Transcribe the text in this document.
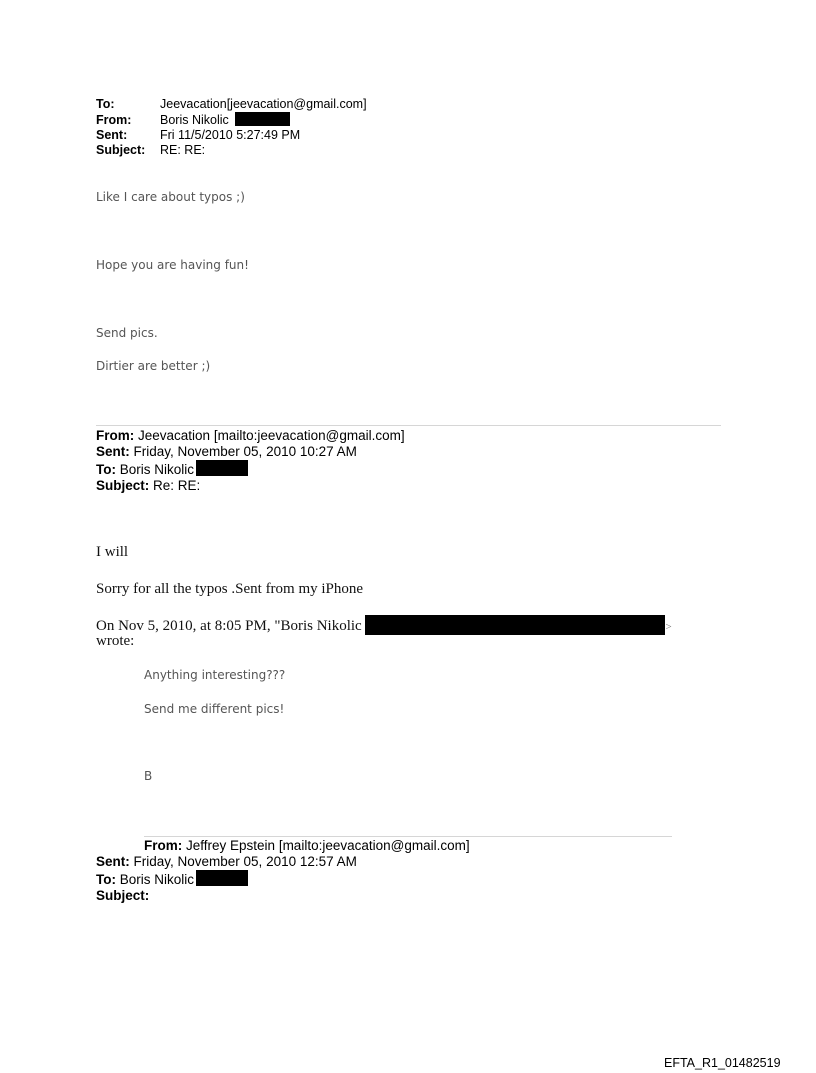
To:	Jeevacation[jeevacation@gmail.com]
From: Boris Nikolic
Sent:	Fri 11/5/2010 5:27:49 PM
Subject: RE: RE:
Like I care about typos ;)
Hope you are having fun!
Send pics.
Dirtier are better ;)
From: Jeevacation [mailto:jeevacation@gmail.com]
Sent: Friday, November 05, 2010 10:27 AM
To: Boris Nikolic
Subject: Re: RE:
I will
Sorry for all the typos .Sent from my iPhone
On Nov 5, 2010, at 8:05 PM, "Boris Nikolic	>
wrote:
Anything interesting???
Send me different pics!
B
From: Jeffrey Epstein [mailto:jeevacation@gmail.com]
Sent: Friday, November 05, 2010 12:57 AM
To: Boris Nikolic
Subject:
EFTA_R1_01482519
